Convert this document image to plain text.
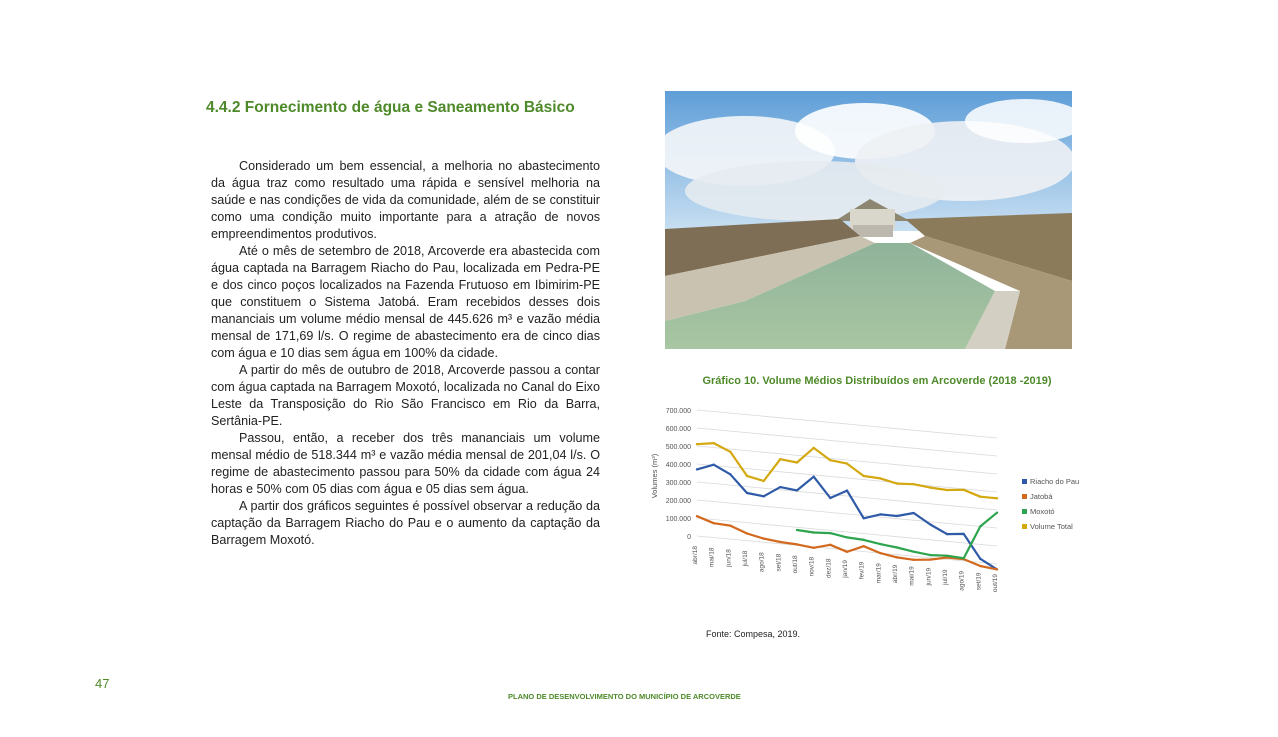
4.4.2 Fornecimento de água e Saneamento Básico

Considerado um bem essencial, a melhoria no abastecimento da água traz como resultado uma rápida e sensível melhoria na saúde e nas condições de vida da comunidade, além de se constituir como uma condição muito importante para a atração de novos empreendimentos produtivos.

Até o mês de setembro de 2018, Arcoverde era abastecida com água captada na Barragem Riacho do Pau, localizada em Pedra-PE e dos cinco poços localizados na Fazenda Frutuoso em Ibimirim-PE que constituem o Sistema Jatobá. Eram recebidos desses dois mananciais um volume médio mensal de 445.626 m³ e vazão média mensal de 171,69 l/s. O regime de abastecimento era de cinco dias com água e 10 dias sem água em 100% da cidade.

A partir do mês de outubro de 2018, Arcoverde passou a contar com água captada na Barragem Moxotó, localizada no Canal do Eixo Leste da Transposição do Rio São Francisco em Rio da Barra, Sertânia-PE.

Passou, então, a receber dos três mananciais um volume mensal médio de 518.344 m³ e vazão média mensal de 201,04 l/s. O regime de abastecimento passou para 50% da cidade com água 24 horas e 50% com 05 dias com água e 05 dias sem água.

A partir dos gráficos seguintes é possível observar a redução da captação da Barragem Riacho do Pau e o aumento da captação da Barragem Moxotó.

Gráfico 10. Volume Médios Distribuídos em Arcoverde (2018 -2019)
Volumes (m³)
700.000
600.000
500.000
400.000
300.000
200.000
100.000
0
abr/18 mai/18 jun/18 jul/18 ago/18 set/18 out/18 nov/18 dez/18 jan/19 fev/19 mar/19 abr/19 mai/19 jun/19 jul/19 ago/19 set/19 out/19
Riacho do Pau
Jatobá
Moxotó
Volume Total
Fonte: Compesa, 2019.
47
PLANO DE DESENVOLVIMENTO DO MUNICÍPIO DE ARCOVERDE
